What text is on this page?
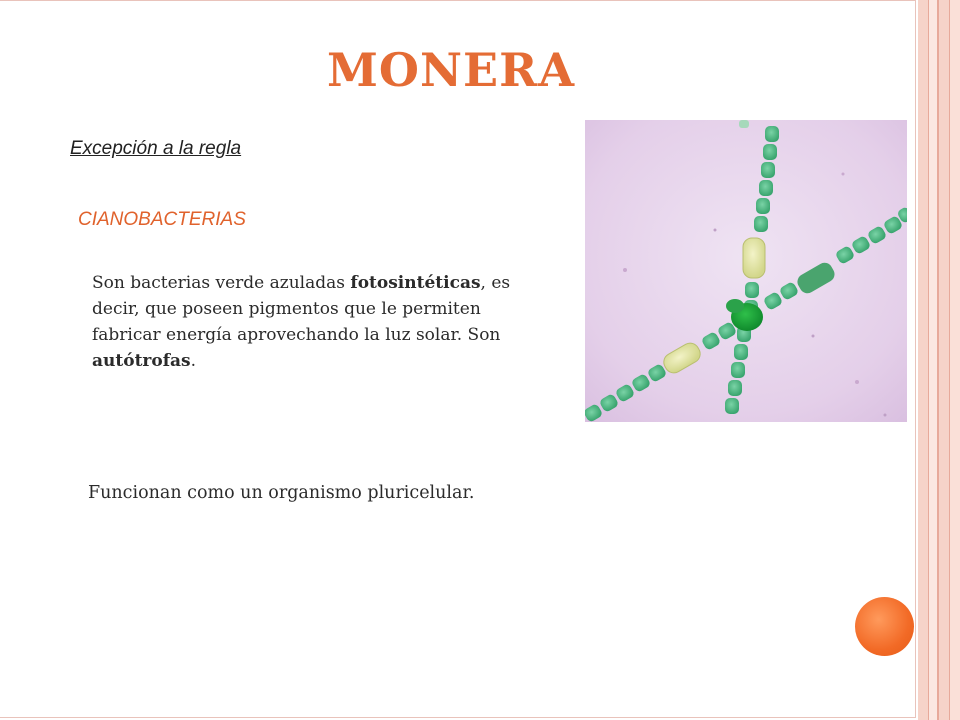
MONERA
Excepción a la regla
CIANOBACTERIAS
Son bacterias verde azuladas fotosintéticas, es decir, que poseen pigmentos que le permiten fabricar energía aprovechando la luz solar. Son autótrofas.
Funcionan como un organismo pluricelular.
